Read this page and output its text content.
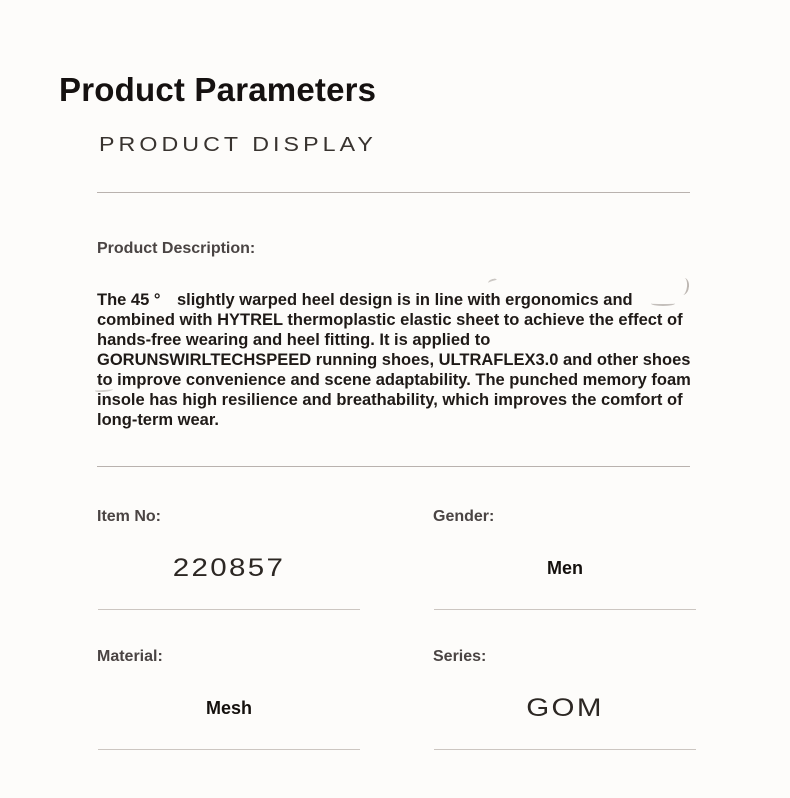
Product Parameters
PRODUCT DISPLAY
Product Description:

The 45 °　slightly warped heel design is in line with ergonomics and combined with HYTREL thermoplastic elastic sheet to achieve the effect of hands-free wearing and heel fitting. It is applied to GORUNSWIRLTECHSPEED running shoes, ULTRAFLEX3.0 and other shoes to improve convenience and scene adaptability. The punched memory foam insole has high resilience and breathability, which improves the comfort of long-term wear.

Item No:
220857
Gender:
Men
Material:
Mesh
Series:
GOM
